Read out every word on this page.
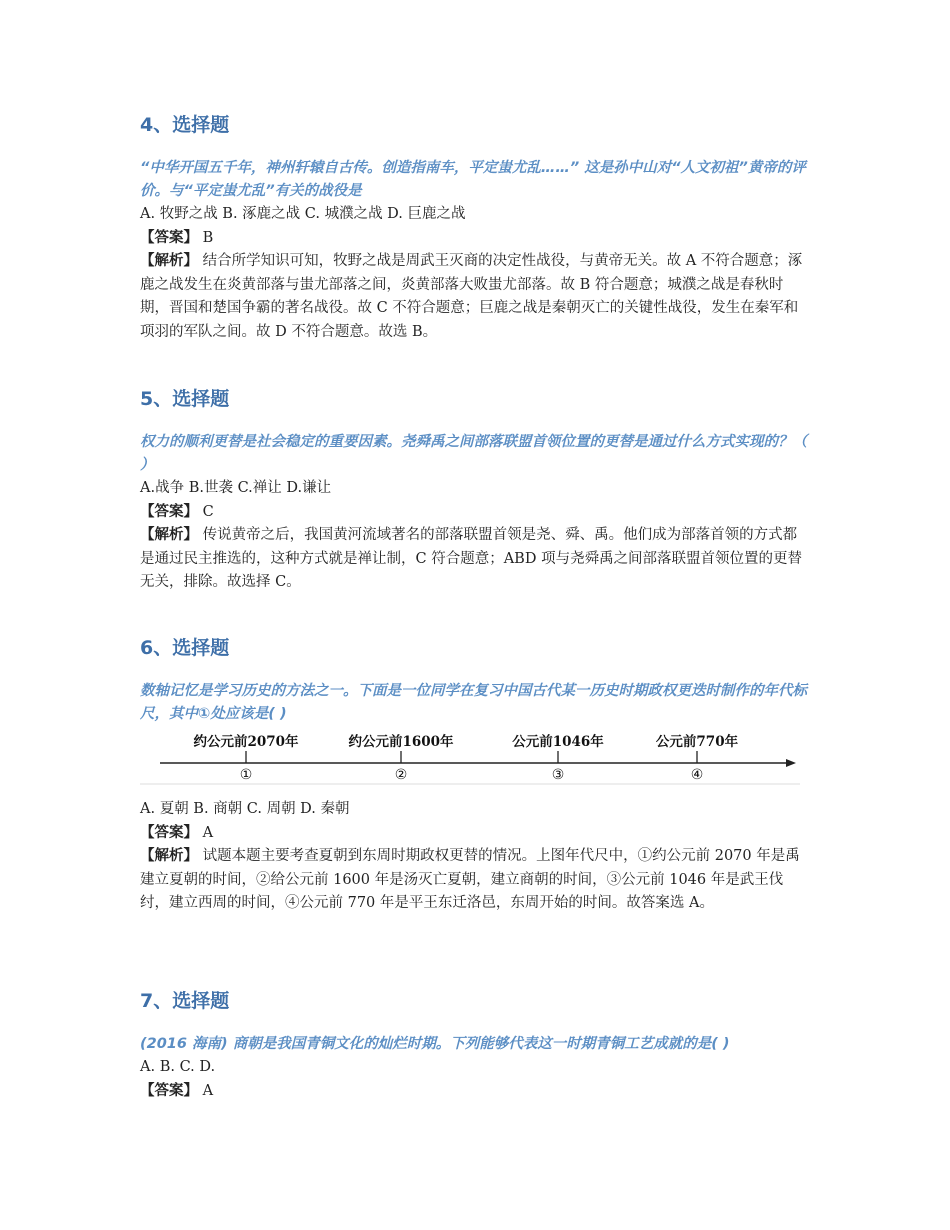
4、选择题

“中华开国五千年，神州轩辕自古传。创造指南车，平定蚩尤乱……” 这是孙中山对“人文初祖”黄帝的评价。与“平定蚩尤乱”有关的战役是

A. 牧野之战 B. 涿鹿之战 C. 城濮之战 D. 巨鹿之战

【答案】 B

【解析】 结合所学知识可知，牧野之战是周武王灭商的决定性战役，与黄帝无关。故 A 不符合题意；涿鹿之战发生在炎黄部落与蚩尤部落之间，炎黄部落大败蚩尤部落。故 B 符合题意；城濮之战是春秋时期，晋国和楚国争霸的著名战役。故 C 不符合题意；巨鹿之战是秦朝灭亡的关键性战役，发生在秦军和项羽的军队之间。故 D 不符合题意。故选 B。

5、选择题

权力的顺利更替是社会稳定的重要因素。尧舜禹之间部落联盟首领位置的更替是通过什么方式实现的？（ ）

A.战争 B.世袭 C.禅让 D.谦让

【答案】 C

【解析】 传说黄帝之后，我国黄河流域著名的部落联盟首领是尧、舜、禹。他们成为部落首领的方式都是通过民主推选的，这种方式就是禅让制，C 符合题意；ABD 项与尧舜禹之间部落联盟首领位置的更替无关，排除。故选择 C。

6、选择题

数轴记忆是学习历史的方法之一。下面是一位同学在复习中国古代某一历史时期政权更迭时制作的年代标尺，其中①处应该是( )

约公元前2070年
①
约公元前1600年
②
公元前1046年
③
公元前770年
④

A. 夏朝 B. 商朝 C. 周朝 D. 秦朝

【答案】 A

【解析】 试题本题主要考查夏朝到东周时期政权更替的情况。上图年代尺中，①约公元前 2070 年是禹建立夏朝的时间，②给公元前 1600 年是汤灭亡夏朝，建立商朝的时间，③公元前 1046 年是武王伐纣，建立西周的时间，④公元前 770 年是平王东迁洛邑，东周开始的时间。故答案选 A。

7、选择题

(2016 海南) 商朝是我国青铜文化的灿烂时期。下列能够代表这一时期青铜工艺成就的是( )

A. B. C. D.

【答案】 A
